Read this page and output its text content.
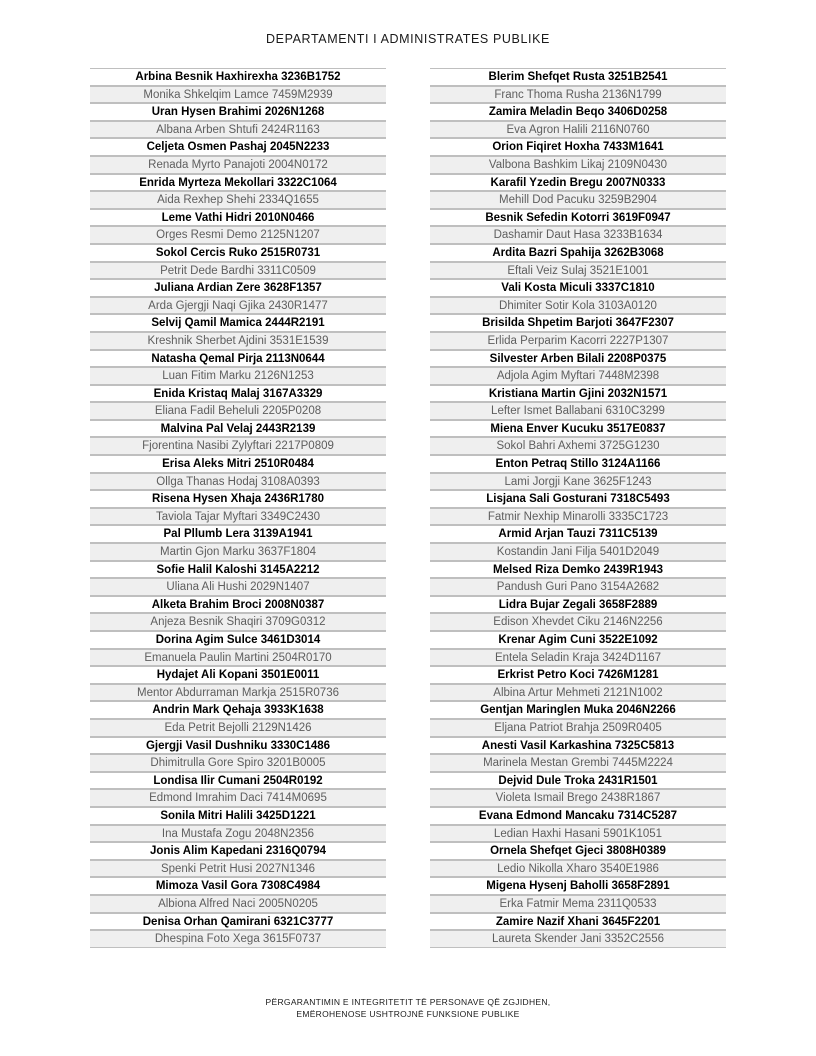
DEPARTAMENTI I ADMINISTRATES PUBLIKE
Arbina Besnik Haxhirexha 3236B1752
Monika Shkelqim Lamce 7459M2939
Uran Hysen Brahimi 2026N1268
Albana Arben Shtufi 2424R1163
Celjeta Osmen Pashaj 2045N2233
Renada Myrto Panajoti 2004N0172
Enrida Myrteza Mekollari 3322C1064
Aida Rexhep Shehi 2334Q1655
Leme Vathi Hidri 2010N0466
Orges Resmi Demo 2125N1207
Sokol Cercis Ruko 2515R0731
Petrit Dede Bardhi 3311C0509
Juliana Ardian Zere 3628F1357
Arda Gjergji Naqi Gjika 2430R1477
Selvij Qamil Mamica 2444R2191
Kreshnik Sherbet Ajdini 3531E1539
Natasha Qemal Pirja 2113N0644
Luan Fitim Marku 2126N1253
Enida Kristaq Malaj 3167A3329
Eliana Fadil Beheluli 2205P0208
Malvina Pal Velaj 2443R2139
Fjorentina Nasibi Zylyftari 2217P0809
Erisa Aleks Mitri 2510R0484
Ollga Thanas Hodaj 3108A0393
Risena Hysen Xhaja 2436R1780
Taviola Tajar Myftari 3349C2430
Pal Pllumb Lera 3139A1941
Martin Gjon Marku 3637F1804
Sofie Halil Kaloshi 3145A2212
Uliana Ali Hushi 2029N1407
Alketa Brahim Broci 2008N0387
Anjeza Besnik Shaqiri 3709G0312
Dorina Agim Sulce 3461D3014
Emanuela Paulin Martini 2504R0170
Hydajet Ali Kopani 3501E0011
Mentor Abdurraman Markja 2515R0736
Andrin Mark Qehaja 3933K1638
Eda Petrit Bejolli 2129N1426
Gjergji Vasil Dushniku 3330C1486
Dhimitrulla Gore Spiro 3201B0005
Londisa Ilir Cumani 2504R0192
Edmond Imrahim Daci 7414M0695
Sonila Mitri Halili 3425D1221
Ina Mustafa Zogu 2048N2356
Jonis Alim Kapedani 2316Q0794
Spenki Petrit Husi 2027N1346
Mimoza Vasil Gora 7308C4984
Albiona Alfred Naci 2005N0205
Denisa Orhan Qamirani 6321C3777
Dhespina Foto Xega 3615F0737
Blerim Shefqet Rusta 3251B2541
Franc Thoma Rusha 2136N1799
Zamira Meladin Beqo 3406D0258
Eva Agron Halili 2116N0760
Orion Fiqiret Hoxha 7433M1641
Valbona Bashkim Likaj 2109N0430
Karafil Yzedin Bregu 2007N0333
Mehill Dod Pacuku 3259B2904
Besnik Sefedin Kotorri 3619F0947
Dashamir Daut Hasa 3233B1634
Ardita Bazri Spahija 3262B3068
Eftali Veiz Sulaj 3521E1001
Vali Kosta Miculi 3337C1810
Dhimiter Sotir Kola 3103A0120
Brisilda Shpetim Barjoti 3647F2307
Erlida Perparim Kacorri 2227P1307
Silvester Arben Bilali 2208P0375
Adjola Agim Myftari 7448M2398
Kristiana Martin Gjini 2032N1571
Lefter Ismet Ballabani 6310C3299
Miena Enver Kucuku 3517E0837
Sokol Bahri Axhemi 3725G1230
Enton Petraq Stillo 3124A1166
Lami Jorgji Kane 3625F1243
Lisjana Sali Gosturani 7318C5493
Fatmir Nexhip Minarolli 3335C1723
Armid Arjan Tauzi 7311C5139
Kostandin Jani Filja 5401D2049
Melsed Riza Demko 2439R1943
Pandush Guri Pano 3154A2682
Lidra Bujar Zegali 3658F2889
Edison Xhevdet Ciku 2146N2256
Krenar Agim Cuni 3522E1092
Entela Seladin Kraja 3424D1167
Erkrist Petro Koci 7426M1281
Albina Artur Mehmeti 2121N1002
Gentjan Maringlen Muka 2046N2266
Eljana Patriot Brahja 2509R0405
Anesti Vasil Karkashina 7325C5813
Marinela Mestan Grembi 7445M2224
Dejvid Dule Troka 2431R1501
Violeta Ismail Brego 2438R1867
Evana Edmond Mancaku 7314C5287
Ledian Haxhi Hasani 5901K1051
Ornela Shefqet Gjeci 3808H0389
Ledio Nikolla Xharo 3540E1986
Migena Hysenj Baholli 3658F2891
Erka Fatmir Mema 2311Q0533
Zamire Nazif Xhani 3645F2201
Laureta Skender Jani 3352C2556
PËRGARANTIMIN E INTEGRITETIT TË PERSONAVE QË ZGJIDHEN,
EMËROHENOSE USHTROJNË FUNKSIONE PUBLIKE
